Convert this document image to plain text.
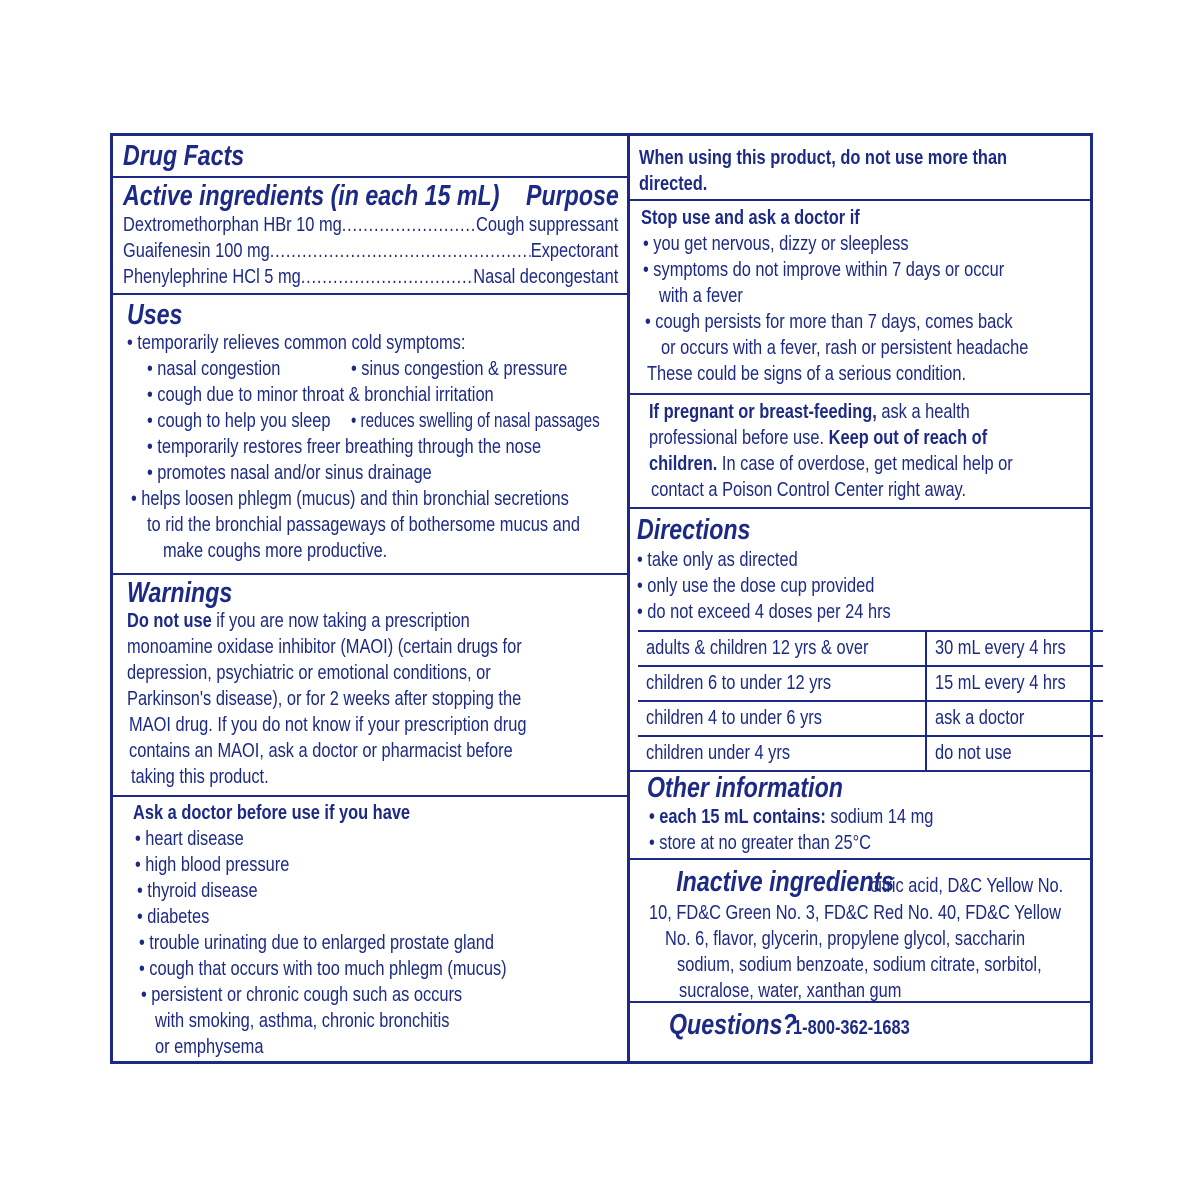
Drug Facts
Active ingredients (in each 15 mL) Purpose
Dextromethorphan HBr 10 mg .....	Cough suppressant
Guaifenesin 100 mg .....	Expectorant
Phenylephrine HCl 5 mg .....	Nasal decongestant
Uses
• temporarily relieves common cold symptoms:
• nasal congestion	• sinus congestion & pressure
• cough due to minor throat & bronchial irritation
• cough to help you sleep • reduces swelling of nasal passages
• temporarily restores freer breathing through the nose
• promotes nasal and/or sinus drainage
• helps loosen phlegm (mucus) and thin bronchial secretions
to rid the bronchial passageways of bothersome mucus and
make coughs more productive.
Warnings
Do not use if you are now taking a prescription
monoamine oxidase inhibitor (MAOI) (certain drugs for
depression, psychiatric or emotional conditions, or
Parkinson's disease), or for 2 weeks after stopping the
MAOI drug. If you do not know if your prescription drug
contains an MAOI, ask a doctor or pharmacist before
taking this product.
Ask a doctor before use if you have
• heart disease
• high blood pressure
• thyroid disease
• diabetes
• trouble urinating due to enlarged prostate gland
• cough that occurs with too much phlegm (mucus)
• persistent or chronic cough such as occurs
with smoking, asthma, chronic bronchitis
or emphysema
When using this product, do not use more than
directed.
Stop use and ask a doctor if
• you get nervous, dizzy or sleepless
• symptoms do not improve within 7 days or occur
with a fever
• cough persists for more than 7 days, comes back
or occurs with a fever, rash or persistent headache
These could be signs of a serious condition.
If pregnant or breast-feeding, ask a health
professional before use. Keep out of reach of
children. In case of overdose, get medical help or
contact a Poison Control Center right away.
Directions
• take only as directed
• only use the dose cup provided
• do not exceed 4 doses per 24 hrs
adults & children 12 yrs & over	30 mL every 4 hrs
children 6 to under 12 yrs	15 mL every 4 hrs
children 4 to under 6 yrs	ask a doctor
children under 4 yrs	do not use
Other information
• each 15 mL contains: sodium 14 mg
• store at no greater than 25°C
Inactive ingredients
citric acid, D&C Yellow No.
10, FD&C Green No. 3, FD&C Red No. 40, FD&C Yellow
No. 6, flavor, glycerin, propylene glycol, saccharin
sodium, sodium benzoate, sodium citrate, sorbitol,
sucralose, water, xanthan gum
Questions?
1-800-362-1683
